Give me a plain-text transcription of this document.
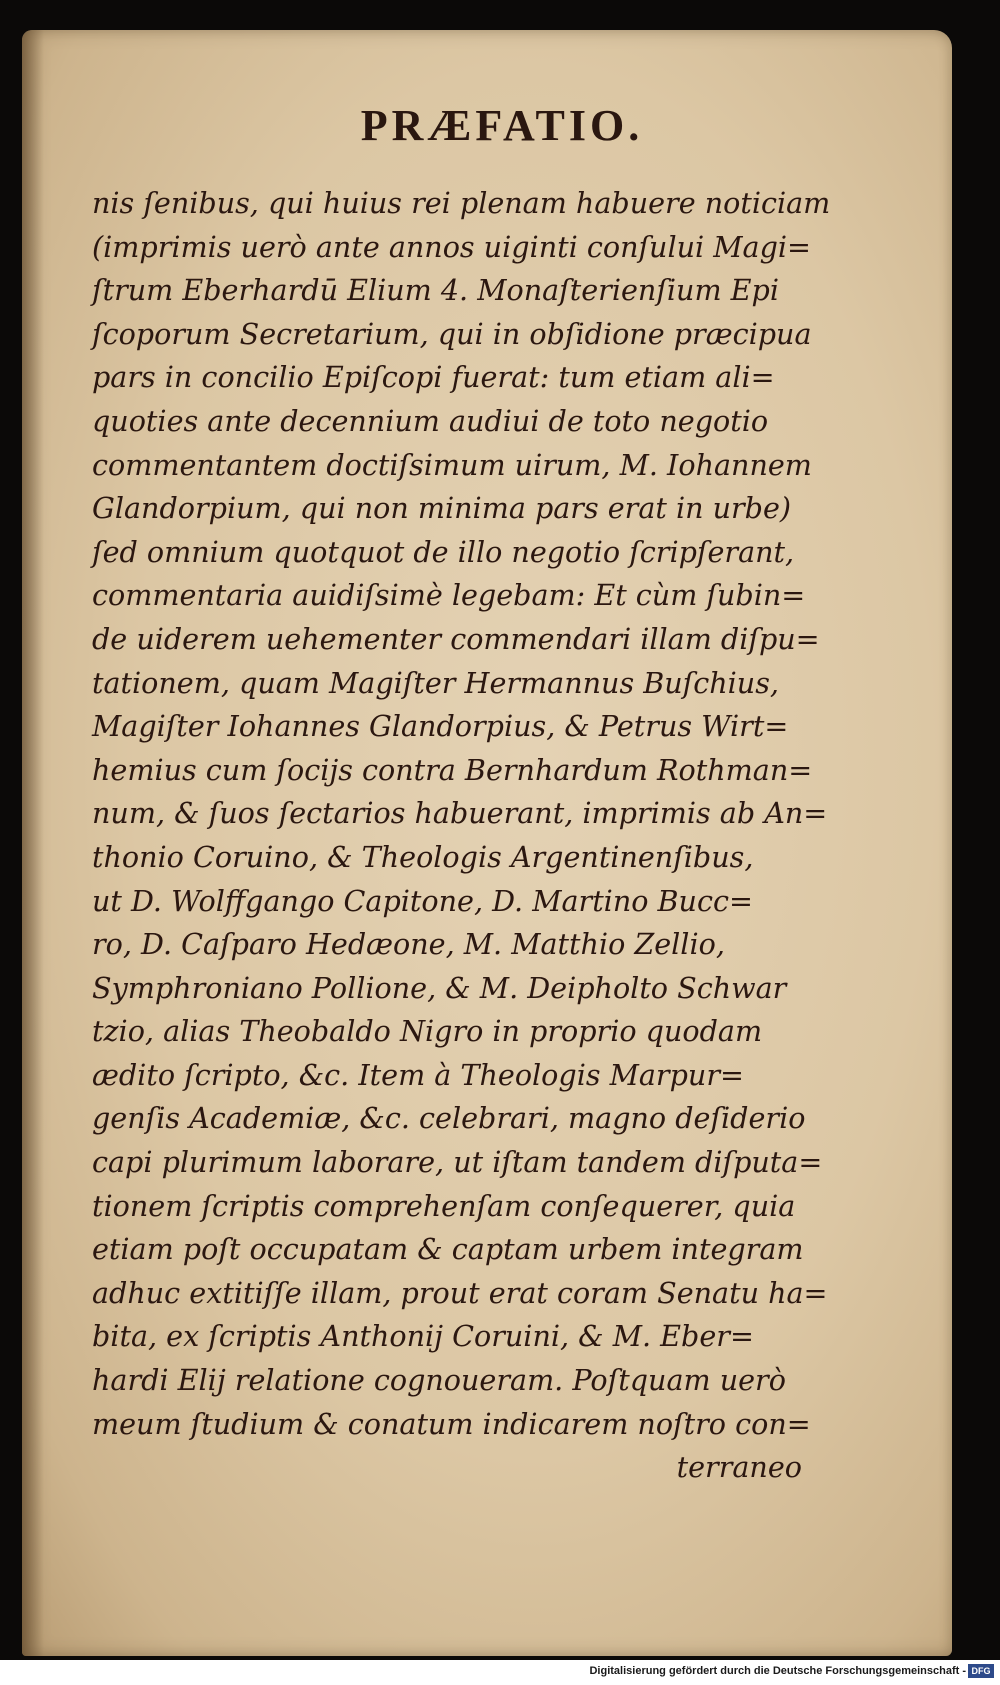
PRÆFATIO.
nis ſenibus, qui huius rei plenam habuere noticiam
(imprimis uerò ante annos uiginti conſului Magi=
ſtrum Eberhardū Elium 4. Monaſterienſium Epi
ſcoporum Secretarium, qui in obſidione præcipua
pars in concilio Epiſcopi fuerat: tum etiam ali=
quoties ante decennium audiui de toto negotio
commentantem doctiſsimum uirum, M. Iohannem
Glandorpium, qui non minima pars erat in urbe)
ſed omnium quotquot de illo negotio ſcripſerant,
commentaria auidiſsimè legebam: Et cùm ſubin=
de uiderem uehementer commendari illam diſpu=
tationem, quam Magiſter Hermannus Buſchius,
Magiſter Iohannes Glandorpius, & Petrus Wirt=
hemius cum ſocijs contra Bernhardum Rothman=
num, & ſuos ſectarios habuerant, imprimis ab An=
thonio Coruino, & Theologis Argentinenſibus,
ut D. Wolffgango Capitone, D. Martino Bucc=
ro, D. Caſparo Hedæone, M. Matthio Zellio,
Symphroniano Pollione, & M. Deipholto Schwar
tzio, alias Theobaldo Nigro in proprio quodam
ædito ſcripto, &c. Item à Theologis Marpur=
genſis Academiæ, &c. celebrari, magno deſiderio
capi plurimum laborare, ut iſtam tandem diſputa=
tionem ſcriptis comprehenſam conſequerer, quia
etiam poſt occupatam & captam urbem integram
adhuc extitiſſe illam, prout erat coram Senatu ha=
bita, ex ſcriptis Anthonij Coruini, & M. Eber=
hardi Elij relatione cognoueram. Poſtquam uerò
meum ſtudium & conatum indicarem noſtro con=
terraneo
Digitalisierung gefördert durch die Deutsche Forschungsgemeinschaft - DFG
